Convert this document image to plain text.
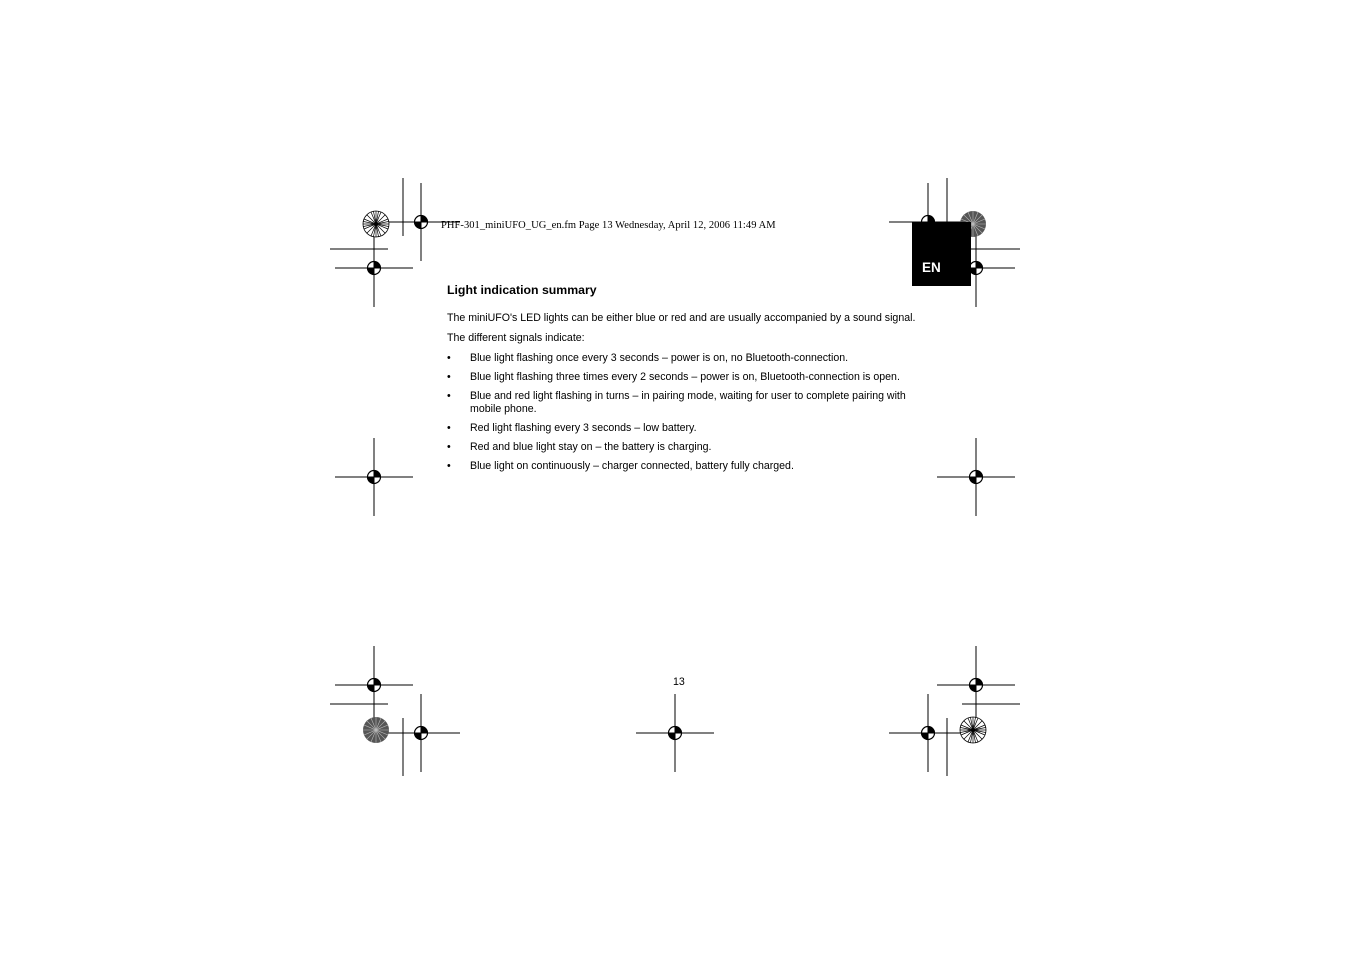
PHF-301_miniUFO_UG_en.fm Page 13 Wednesday, April 12, 2006 11:49 AM
EN
Light indication summary
The miniUFO's LED lights can be either blue or red and are usually accompanied by a sound signal.
The different signals indicate:
• Blue light flashing once every 3 seconds – power is on, no Bluetooth-connection.
• Blue light flashing three times every 2 seconds – power is on, Bluetooth-connection is open.
• Blue and red light flashing in turns – in pairing mode, waiting for user to complete pairing with mobile phone.
• Red light flashing every 3 seconds – low battery.
• Red and blue light stay on – the battery is charging.
• Blue light on continuously – charger connected, battery fully charged.
13
